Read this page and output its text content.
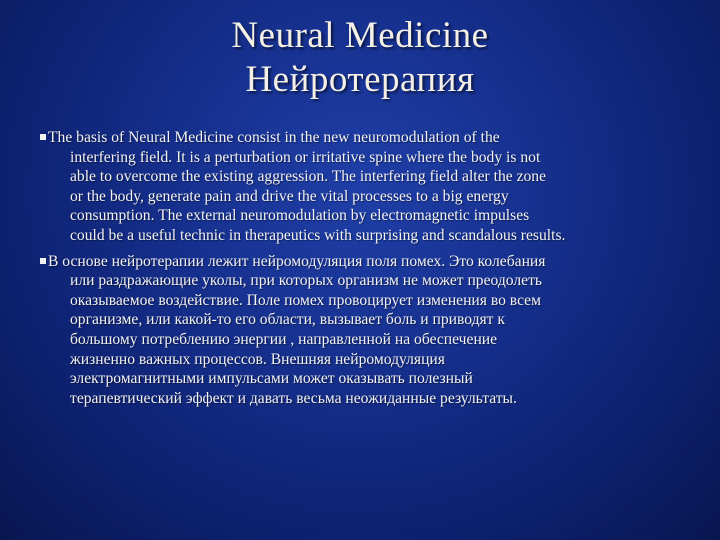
Neural Medicine
Нейротерапия
The basis of Neural Medicine consist in the new neuromodulation of the
interfering field. It is a perturbation or irritative spine where the body is not
able to overcome the existing aggression. The interfering field alter the zone
or the body, generate pain and drive the vital processes to a big energy
consumption. The external neuromodulation by electromagnetic impulses
could be a useful technic in therapeutics with surprising and scandalous results.
В основе нейротерапии лежит нейромодуляция поля помех. Это колебания
или раздражающие уколы, при которых организм не может преодолеть
оказываемое воздействие. Поле помех провоцирует изменения во всем
организме, или какой-то его области, вызывает боль и приводят к
большому потреблению энергии , направленной на обеспечение
жизненно важных процессов. Внешняя нейромодуляция
электромагнитными импульсами может оказывать полезный
терапевтический эффект и давать весьма неожиданные результаты.
